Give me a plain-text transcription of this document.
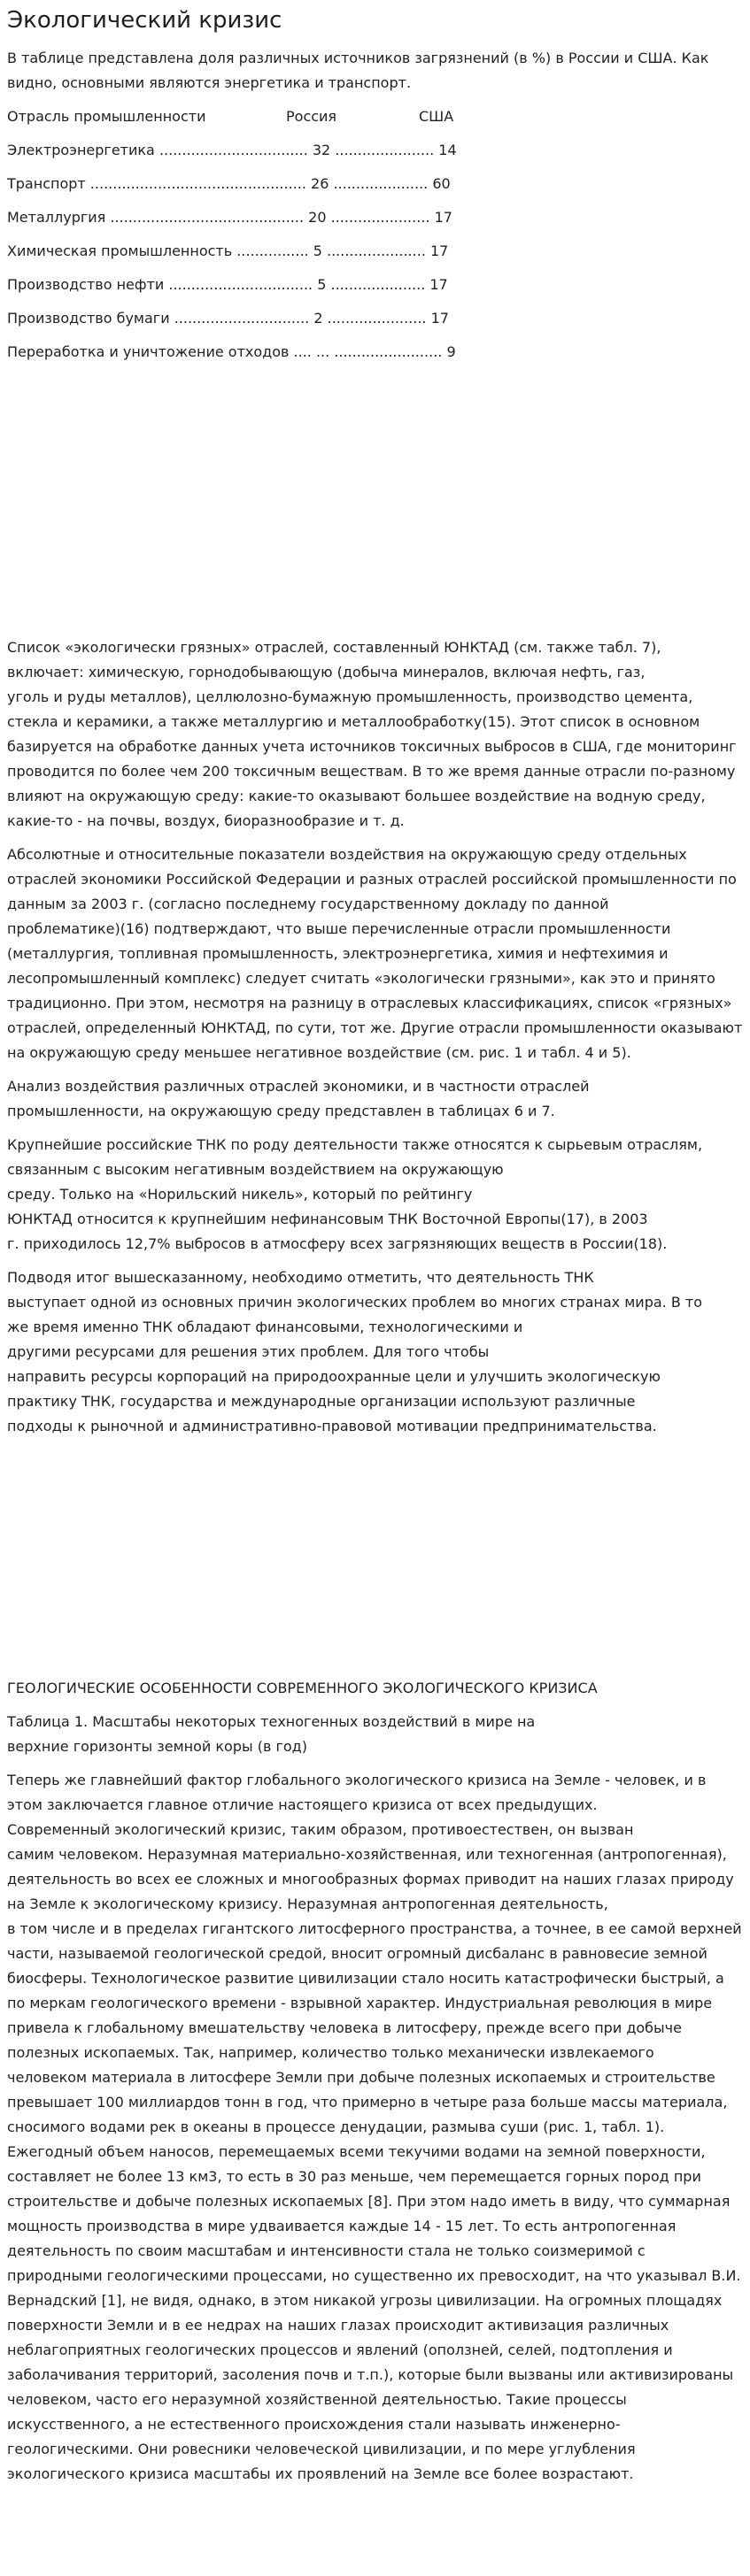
Экологический кризис

В таблице представлена доля различных источников загрязнений (в %) в России и США. Как
видно, основными являются энергетика и транспорт.

Отрасль промышленности	Россия	США
Электроэнергетика ................................. 32 ...................... 14
Транспорт ................................................ 26 ..................... 60
Металлургия ........................................... 20 ...................... 17
Химическая промышленность ................ 5 ...................... 17
Производство нефти ................................ 5 ..................... 17
Производство бумаги .............................. 2 ...................... 17
Переработка и уничтожение отходов .... ... ........................ 9

Список «экологически грязных» отраслей, составленный ЮНКТАД (см. также табл. 7),
включает: химическую, горнодобывающую (добыча минералов, включая нефть, газ,
уголь и руды металлов), целлюлозно-бумажную промышленность, производство цемента,
стекла и керамики, а также металлургию и металлообработку(15). Этот список в основном
базируется на обработке данных учета источников токсичных выбросов в США, где мониторинг
проводится по более чем 200 токсичным веществам. В то же время данные отрасли по-разному
влияют на окружающую среду: какие-то оказывают большее воздействие на водную среду,
какие-то - на почвы, воздух, биоразнообразие и т. д.

Абсолютные и относительные показатели воздействия на окружающую среду отдельных
отраслей экономики Российской Федерации и разных отраслей российской промышленности по
данным за 2003 г. (согласно последнему государственному докладу по данной
проблематике)(16) подтверждают, что выше перечисленные отрасли промышленности
(металлургия, топливная промышленность, электроэнергетика, химия и нефтехимия и
лесопромышленный комплекс) следует считать «экологически грязными», как это и принято
традиционно. При этом, несмотря на разницу в отраслевых классификациях, список «грязных»
отраслей, определенный ЮНКТАД, по сути, тот же. Другие отрасли промышленности оказывают
на окружающую среду меньшее негативное воздействие (см. рис. 1 и табл. 4 и 5).

Анализ воздействия различных отраслей экономики, и в частности отраслей
промышленности, на окружающую среду представлен в таблицах 6 и 7.

Крупнейшие российские ТНК по роду деятельности также относятся к сырьевым отраслям,
связанным с высоким негативным воздействием на окружающую
среду. Только на «Норильский никель», который по рейтингу
ЮНКТАД относится к крупнейшим нефинансовым ТНК Восточной Европы(17), в 2003
г. приходилось 12,7% выбросов в атмосферу всех загрязняющих веществ в России(18).

Подводя итог вышесказанному, необходимо отметить, что деятельность ТНК
выступает одной из основных причин экологических проблем во многих странах мира. В то
же время именно ТНК обладают финансовыми, технологическими и
другими ресурсами для решения этих проблем. Для того чтобы
направить ресурсы корпораций на природоохранные цели и улучшить экологическую
практику ТНК, государства и международные организации используют различные
подходы к рыночной и административно-правовой мотивации предпринимательства.

ГЕОЛОГИЧЕСКИЕ ОСОБЕННОСТИ СОВРЕМЕННОГО ЭКОЛОГИЧЕСКОГО КРИЗИСА

Таблица 1. Масштабы некоторых техногенных воздействий в мире на
верхние горизонты земной коры (в год)

Теперь же главнейший фактор глобального экологического кризиса на Земле - человек, и в
этом заключается главное отличие настоящего кризиса от всех предыдущих.
Современный экологический кризис, таким образом, противоестествен, он вызван
самим человеком. Неразумная материально-хозяйственная, или техногенная (антропогенная),
деятельность во всех ее сложных и многообразных формах приводит на наших глазах природу
на Земле к экологическому кризису. Неразумная антропогенная деятельность,
в том числе и в пределах гигантского литосферного пространства, а точнее, в ее самой верхней
части, называемой геологической средой, вносит огромный дисбаланс в равновесие земной
биосферы. Технологическое развитие цивилизации стало носить катастрофически быстрый, а
по меркам геологического времени - взрывной характер. Индустриальная революция в мире
привела к глобальному вмешательству человека в литосферу, прежде всего при добыче
полезных ископаемых. Так, например, количество только механически извлекаемого
человеком материала в литосфере Земли при добыче полезных ископаемых и строительстве
превышает 100 миллиардов тонн в год, что примерно в четыре раза больше массы материала,
сносимого водами рек в океаны в процессе денудации, размыва суши (рис. 1, табл. 1).
Ежегодный объем наносов, перемещаемых всеми текучими водами на земной поверхности,
составляет не более 13 км3, то есть в 30 раз меньше, чем перемещается горных пород при
строительстве и добыче полезных ископаемых [8]. При этом надо иметь в виду, что суммарная
мощность производства в мире удваивается каждые 14 - 15 лет. То есть антропогенная
деятельность по своим масштабам и интенсивности стала не только соизмеримой с
природными геологическими процессами, но существенно их превосходит, на что указывал В.И.
Вернадский [1], не видя, однако, в этом никакой угрозы цивилизации. На огромных площадях
поверхности Земли и в ее недрах на наших глазах происходит активизация различных
неблагоприятных геологических процессов и явлений (оползней, селей, подтопления и
заболачивания территорий, засоления почв и т.п.), которые были вызваны или активизированы
человеком, часто его неразумной хозяйственной деятельностью. Такие процессы
искусственного, а не естественного происхождения стали называть инженерно-
геологическими. Они ровесники человеческой цивилизации, и по мере углубления
экологического кризиса масштабы их проявлений на Земле все более возрастают.
